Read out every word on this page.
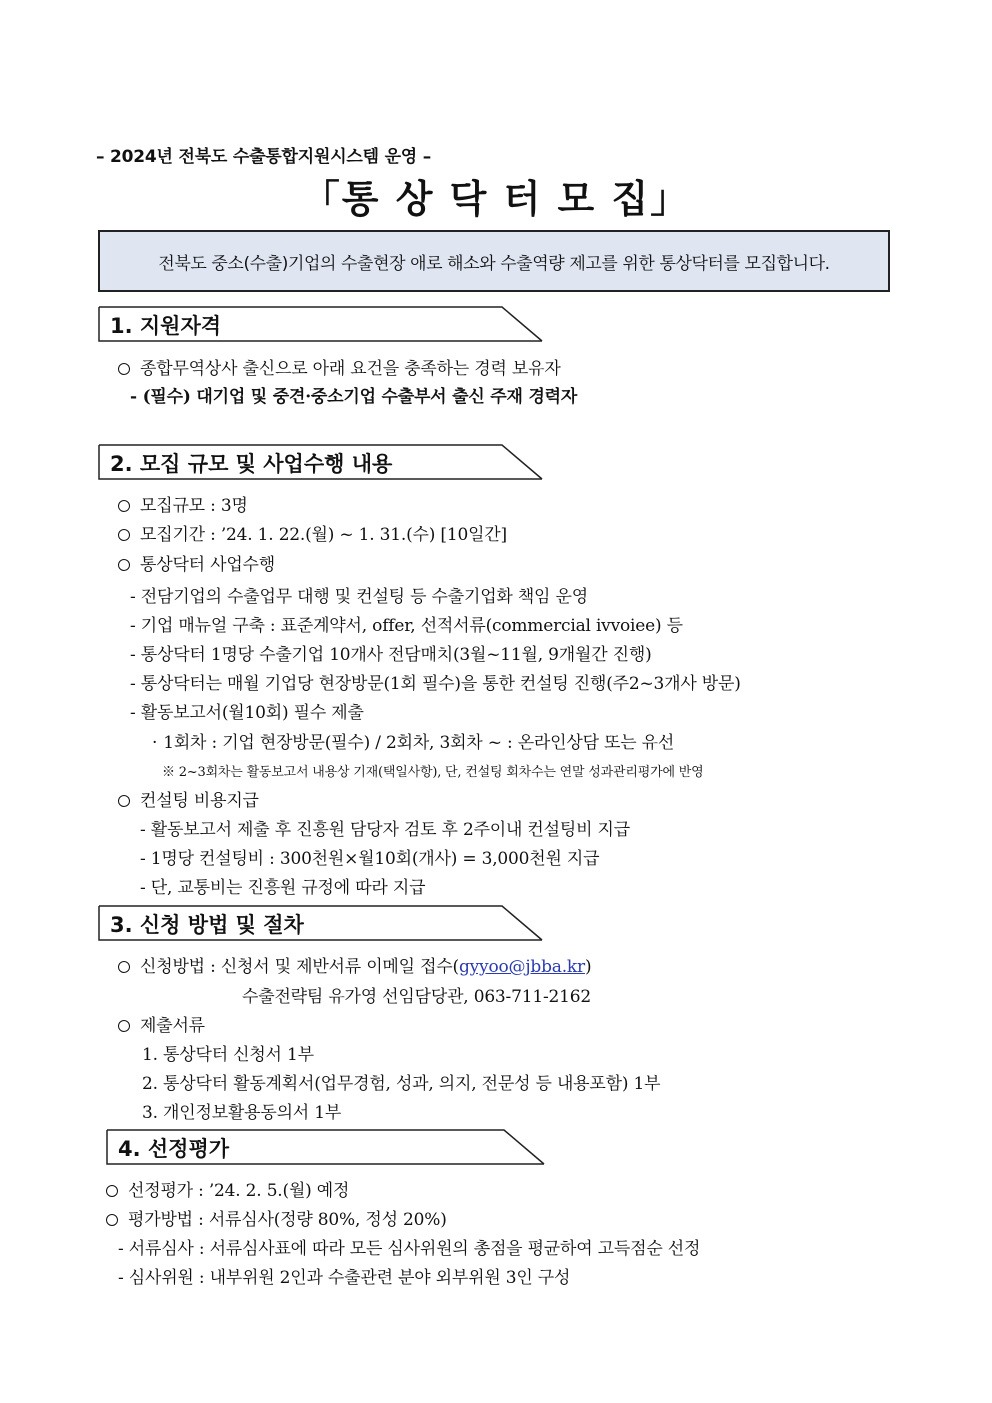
– 2024년 전북도 수출통합지원시스템 운영 –
「통 상 닥 터 모 집」
전북도 중소(수출)기업의 수출현장 애로 해소와 수출역량 제고를 위한 통상닥터를 모집합니다.
1. 지원자격
종합무역상사 출신으로 아래 요건을 충족하는 경력 보유자
- (필수) 대기업 및 중견·중소기업 수출부서 출신 주재 경력자
2. 모집 규모 및 사업수행 내용
모집규모 : 3명
모집기간 : ’24. 1. 22.(월) ~ 1. 31.(수) [10일간]
통상닥터 사업수행
- 전담기업의 수출업무 대행 및 컨설팅 등 수출기업화 책임 운영
- 기업 매뉴얼 구축 : 표준계약서, offer, 선적서류(commercial ivvoiee) 등
- 통상닥터 1명당 수출기업 10개사 전담매치(3월~11월, 9개월간 진행)
- 통상닥터는 매월 기업당 현장방문(1회 필수)을 통한 컨설팅 진행(주2~3개사 방문)
- 활동보고서(월10회) 필수 제출
· 1회차 : 기업 현장방문(필수) / 2회차, 3회차 ~ : 온라인상담 또는 유선
※ 2~3회차는 활동보고서 내용상 기재(택일사항), 단, 컨설팅 회차수는 연말 성과관리평가에 반영
컨설팅 비용지급
- 활동보고서 제출 후 진흥원 담당자 검토 후 2주이내 컨설팅비 지급
- 1명당 컨설팅비 : 300천원×월10회(개사) = 3,000천원 지급
- 단, 교통비는 진흥원 규정에 따라 지급
3. 신청 방법 및 절차
신청방법 : 신청서 및 제반서류 이메일 접수(gyyoo@jbba.kr)
수출전략팀 유가영 선임담당관, 063-711-2162
제출서류
1. 통상닥터 신청서 1부
2. 통상닥터 활동계획서(업무경험, 성과, 의지, 전문성 등 내용포함) 1부
3. 개인정보활용동의서 1부
4. 선정평가
선정평가 : ’24. 2. 5.(월) 예정
평가방법 : 서류심사(정량 80%, 정성 20%)
- 서류심사 : 서류심사표에 따라 모든 심사위원의 총점을 평균하여 고득점순 선정
- 심사위원 : 내부위원 2인과 수출관련 분야 외부위원 3인 구성
